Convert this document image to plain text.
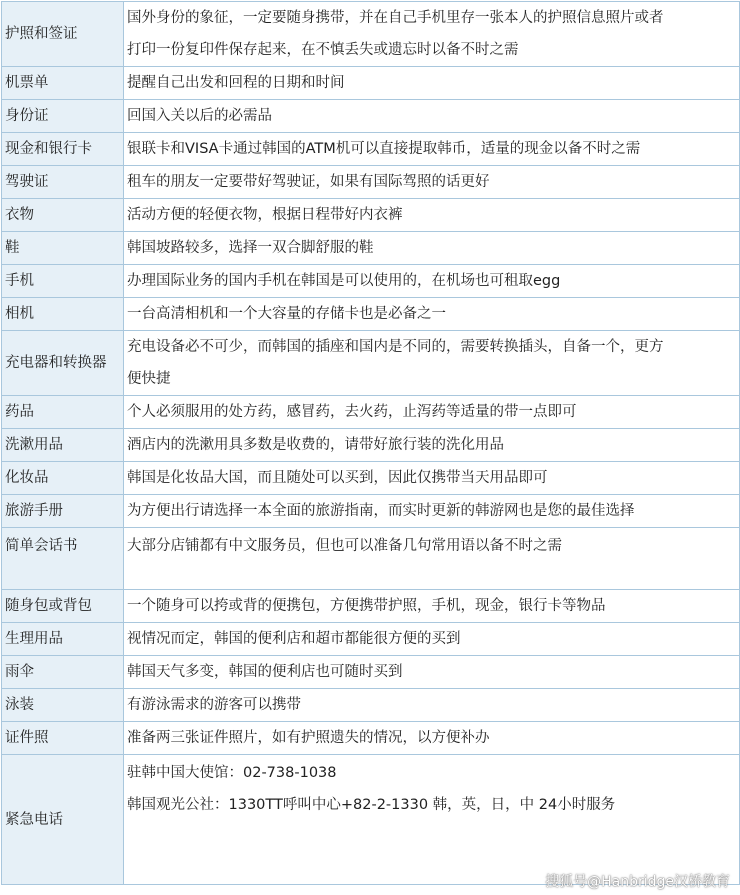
护照和签证	国外身份的象征，一定要随身携带，并在自己手机里存一张本人的护照信息照片或者
打印一份复印件保存起来，在不慎丢失或遗忘时以备不时之需

机票单	提醒自己出发和回程的日期和时间
身份证	回国入关以后的必需品
现金和银行卡	银联卡和VISA卡通过韩国的ATM机可以直接提取韩币，适量的现金以备不时之需
驾驶证	租车的朋友一定要带好驾驶证，如果有国际驾照的话更好
衣物	活动方便的轻便衣物，根据日程带好内衣裤
鞋	韩国坡路较多，选择一双合脚舒服的鞋
手机	办理国际业务的国内手机在韩国是可以使用的，在机场也可租取egg
相机	一台高清相机和一个大容量的存储卡也是必备之一
充电器和转换器	充电设备必不可少，而韩国的插座和国内是不同的，需要转换插头，自备一个，更方
便快捷

药品	个人必须服用的处方药，感冒药，去火药，止泻药等适量的带一点即可
洗漱用品	酒店内的洗漱用具多数是收费的，请带好旅行装的洗化用品
化妆品	韩国是化妆品大国，而且随处可以买到，因此仅携带当天用品即可
旅游手册	为方便出行请选择一本全面的旅游指南，而实时更新的韩游网也是您的最佳选择
简单会话书	大部分店铺都有中文服务员，但也可以准备几句常用语以备不时之需
随身包或背包	一个随身可以挎或背的便携包，方便携带护照，手机，现金，银行卡等物品
生理用品	视情况而定，韩国的便利店和超市都能很方便的买到
雨伞	韩国天气多变，韩国的便利店也可随时买到
泳装	有游泳需求的游客可以携带
证件照	准备两三张证件照片，如有护照遗失的情况，以方便补办
紧急电话	驻韩中国大使馆：02-738-1038
韩国观光公社：1330TT呼叫中心+82-2-1330 韩，英，日，中 24小时服务
搜狐号@Hanbridge汉桥教育
